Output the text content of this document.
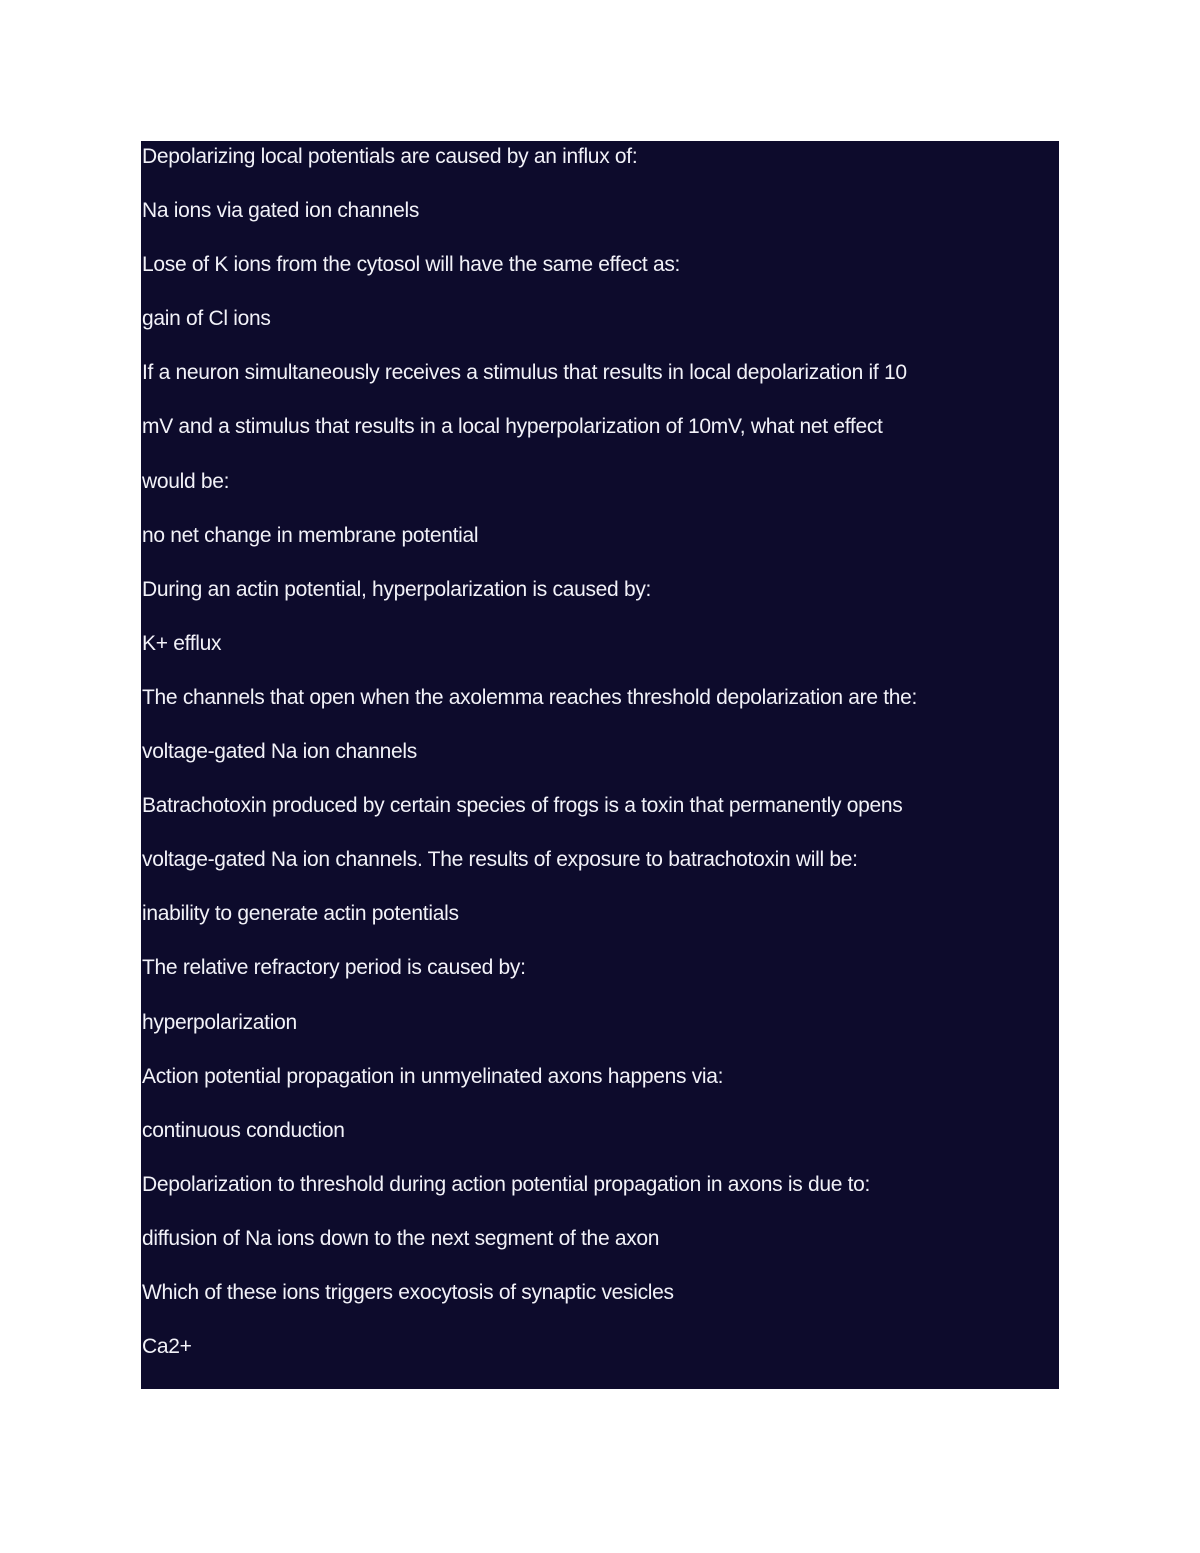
Depolarizing local potentials are caused by an influx of:
Na ions via gated ion channels
Lose of K ions from the cytosol will have the same effect as:
gain of Cl ions
If a neuron simultaneously receives a stimulus that results in local depolarization if 10
mV and a stimulus that results in a local hyperpolarization of 10mV, what net effect
would be:
no net change in membrane potential
During an actin potential, hyperpolarization is caused by:
K+ efflux
The channels that open when the axolemma reaches threshold depolarization are the:
voltage-gated Na ion channels
Batrachotoxin produced by certain species of frogs is a toxin that permanently opens
voltage-gated Na ion channels. The results of exposure to batrachotoxin will be:
inability to generate actin potentials
The relative refractory period is caused by:
hyperpolarization
Action potential propagation in unmyelinated axons happens via:
continuous conduction
Depolarization to threshold during action potential propagation in axons is due to:
diffusion of Na ions down to the next segment of the axon
Which of these ions triggers exocytosis of synaptic vesicles
Ca2+
